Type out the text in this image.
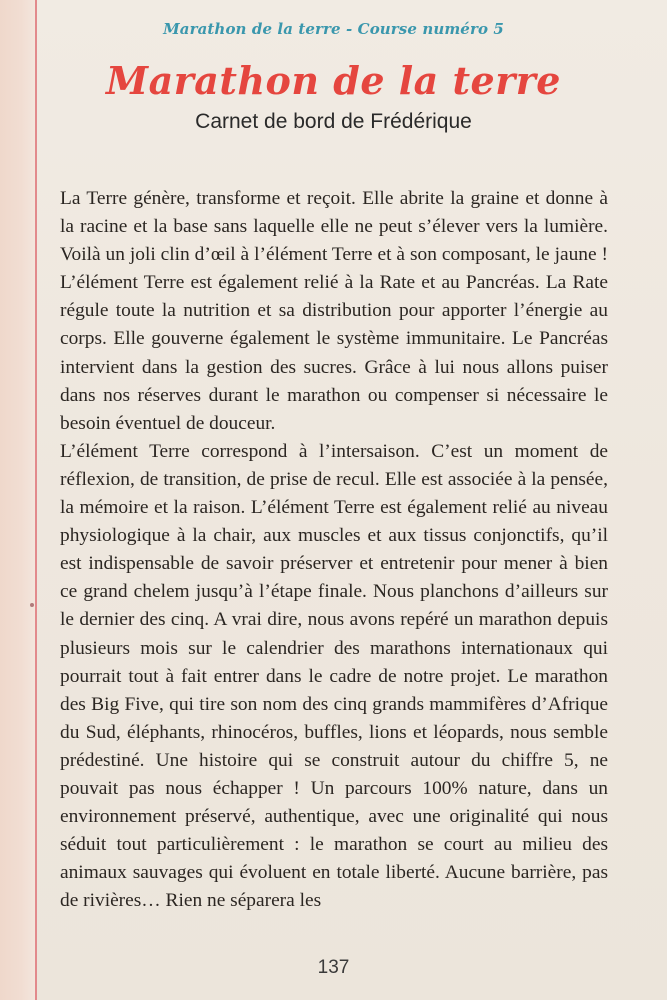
Marathon de la terre - Course numéro 5
Marathon de la terre
Carnet de bord de Frédérique

La Terre génère, transforme et reçoit. Elle abrite la graine et donne à la racine et la base sans laquelle elle ne peut s’élever vers la lumière. Voilà un joli clin d’œil à l’élément Terre et à son composant, le jaune ! L’élément Terre est également relié à la Rate et au Pancréas. La Rate régule toute la nutrition et sa distribution pour apporter l’énergie au corps. Elle gouverne également le système immunitaire. Le Pancréas intervient dans la gestion des sucres. Grâce à lui nous allons puiser dans nos réserves durant le marathon ou compenser si nécessaire le besoin éventuel de douceur.

L’élément Terre correspond à l’intersaison. C’est un moment de réflexion, de transition, de prise de recul. Elle est associée à la pensée, la mémoire et la raison. L’élément Terre est également relié au niveau physiologique à la chair, aux muscles et aux tissus conjonctifs, qu’il est indispensable de savoir préserver et entretenir pour mener à bien ce grand chelem jusqu’à l’étape finale. Nous planchons d’ailleurs sur le dernier des cinq. A vrai dire, nous avons repéré un marathon depuis plusieurs mois sur le calendrier des marathons internationaux qui pourrait tout à fait entrer dans le cadre de notre projet. Le marathon des Big Five, qui tire son nom des cinq grands mammifères d’Afrique du Sud, éléphants, rhinocéros, buffles, lions et léopards, nous semble prédestiné. Une histoire qui se construit autour du chiffre 5, ne pouvait pas nous échapper ! Un parcours 100% nature, dans un environnement préservé, authentique, avec une originalité qui nous séduit tout particulièrement : le marathon se court au milieu des animaux sauvages qui évoluent en totale liberté. Aucune barrière, pas de rivières… Rien ne séparera les

137
